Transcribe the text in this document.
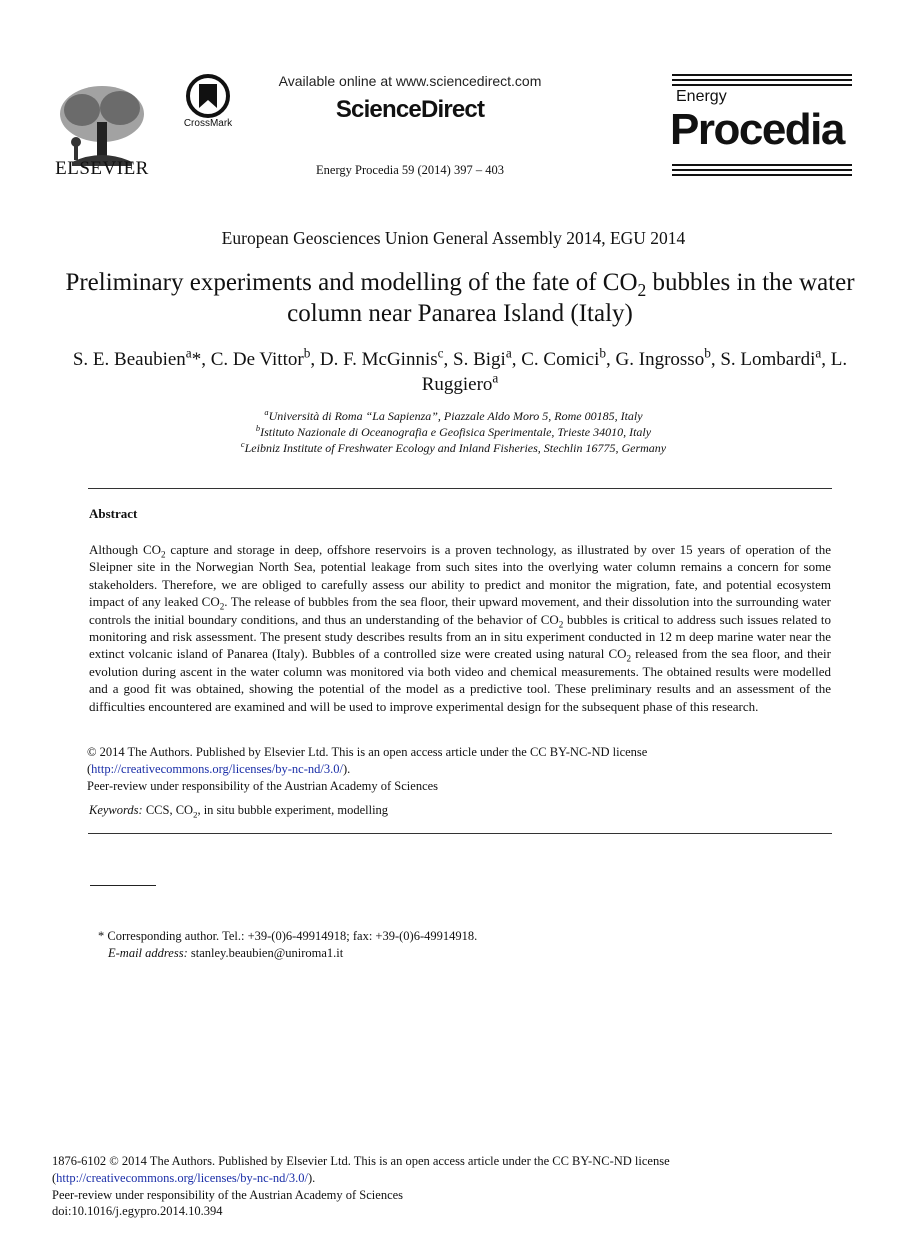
ELSEVIER
CrossMark
Available online at www.sciencedirect.com
ScienceDirect
Energy Procedia 59 (2014) 397 – 403
Energy
Procedia
European Geosciences Union General Assembly 2014, EGU 2014
Preliminary experiments and modelling of the fate of $CO_2$ bubbles in the water column near Panarea Island (Italy)
S. E. Beaubien$^a$*, C. De Vittor$^b$, D. F. McGinnis$^c$, S. Bigi$^a$, C. Comici$^b$, G. Ingrosso$^b$, S. Lombardi$^a$, L. Ruggiero$^a$
$^a$Università di Roma “La Sapienza”, Piazzale Aldo Moro 5, Rome 00185, Italy
$^b$Istituto Nazionale di Oceanografia e Geofisica Sperimentale, Trieste 34010, Italy
$^c$Leibniz Institute of Freshwater Ecology and Inland Fisheries, Stechlin 16775, Germany
Abstract
Although $CO_2$ capture and storage in deep, offshore reservoirs is a proven technology, as illustrated by over 15 years of operation of the Sleipner site in the Norwegian North Sea, potential leakage from such sites into the overlying water column remains a concern for some stakeholders. Therefore, we are obliged to carefully assess our ability to predict and monitor the migration, fate, and potential ecosystem impact of any leaked $CO_2$. The release of bubbles from the sea floor, their upward movement, and their dissolution into the surrounding water controls the initial boundary conditions, and thus an understanding of the behavior of $CO_2$ bubbles is critical to address such issues related to monitoring and risk assessment. The present study describes results from an in situ experiment conducted in 12 m deep marine water near the extinct volcanic island of Panarea (Italy). Bubbles of a controlled size were created using natural $CO_2$ released from the sea floor, and their evolution during ascent in the water column was monitored via both video and chemical measurements. The obtained results were modelled and a good fit was obtained, showing the potential of the model as a predictive tool. These preliminary results and an assessment of the difficulties encountered are examined and will be used to improve experimental design for the subsequent phase of this research.
© 2014 The Authors. Published by Elsevier Ltd. This is an open access article under the CC BY-NC-ND license
(http://creativecommons.org/licenses/by-nc-nd/3.0/).
Peer-review under responsibility of the Austrian Academy of Sciences
Keywords: CCS, $CO_2$, in situ bubble experiment, modelling
* Corresponding author. Tel.: +39-(0)6-49914918; fax: +39-(0)6-49914918.
E-mail address: stanley.beaubien@uniroma1.it
1876-6102 © 2014 The Authors. Published by Elsevier Ltd. This is an open access article under the CC BY-NC-ND license
(http://creativecommons.org/licenses/by-nc-nd/3.0/).
Peer-review under responsibility of the Austrian Academy of Sciences
doi:10.1016/j.egypro.2014.10.394
